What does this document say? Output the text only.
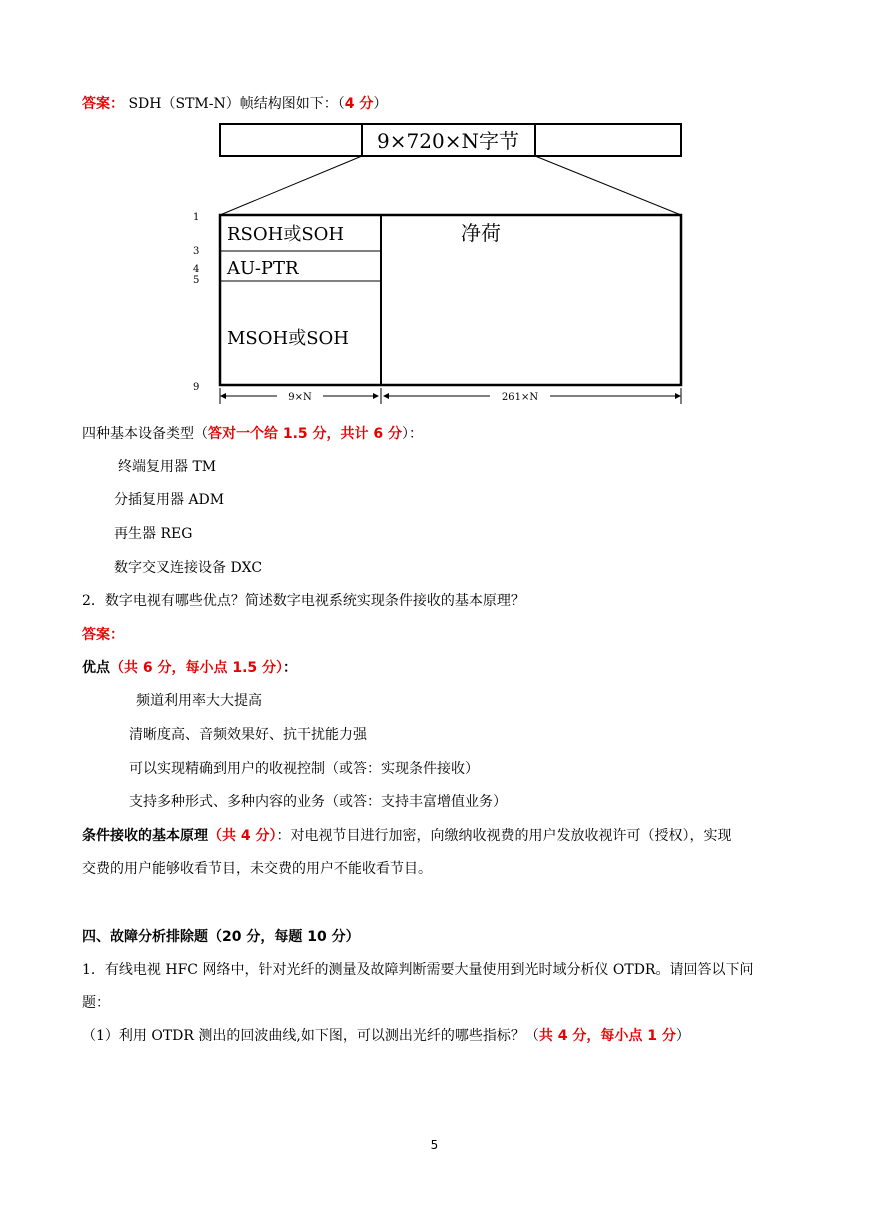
答案： SDH（STM-N）帧结构图如下：（4 分）
9×720×N字节
RSOH或SOH
AU-PTR
MSOH或SOH
净荷
1
3
4
5
9
9×N	261×N
四种基本设备类型（答对一个给 1.5 分，共计 6 分）：
终端复用器 TM
分插复用器 ADM
再生器 REG
数字交叉连接设备 DXC
2．数字电视有哪些优点？简述数字电视系统实现条件接收的基本原理？
答案：
优点（共 6 分，每小点 1.5 分）：
频道利用率大大提高
清晰度高、音频效果好、抗干扰能力强
可以实现精确到用户的收视控制（或答：实现条件接收）
支持多种形式、多种内容的业务（或答：支持丰富增值业务）
条件接收的基本原理（共 4 分）：对电视节目进行加密，向缴纳收视费的用户发放收视许可（授权），实现
交费的用户能够收看节目，未交费的用户不能收看节目。
四、故障分析排除题（20 分，每题 10 分）
1．有线电视 HFC 网络中，针对光纤的测量及故障判断需要大量使用到光时域分析仪 OTDR。请回答以下问
题：
（1）利用 OTDR 测出的回波曲线,如下图，可以测出光纤的哪些指标？（共 4 分，每小点 1 分）
5
